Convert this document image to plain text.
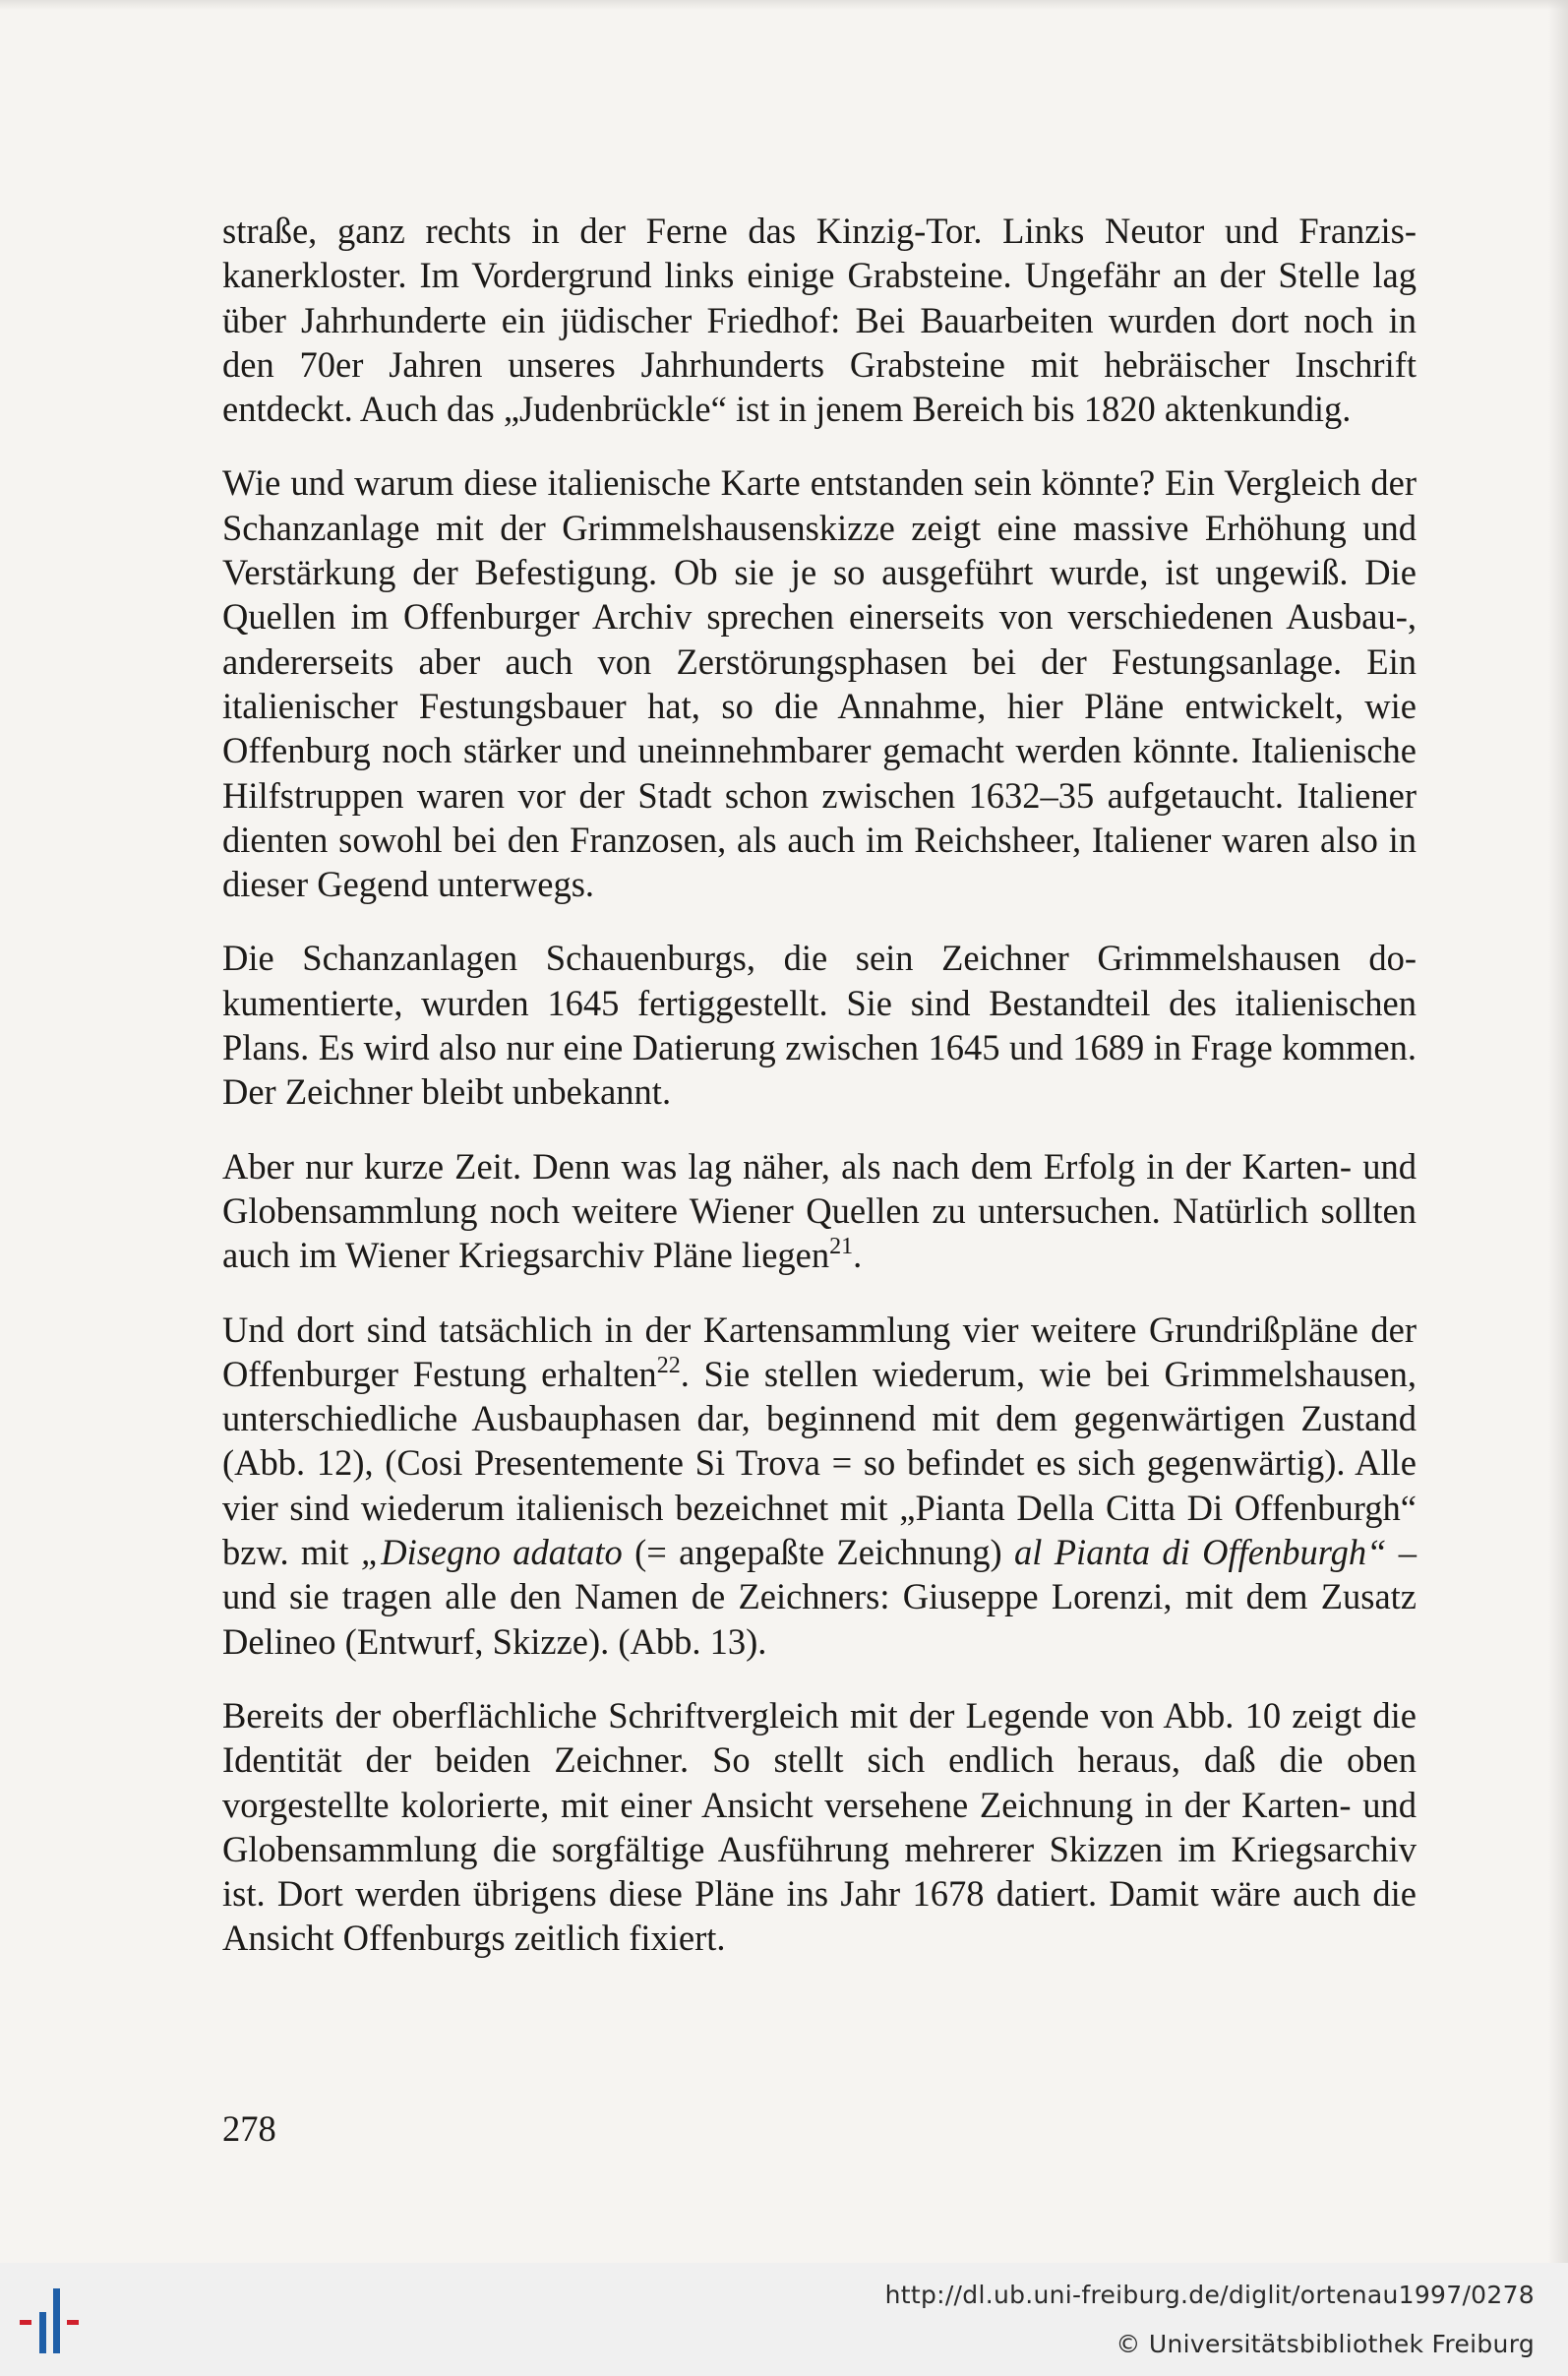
straße, ganz rechts in der Ferne das Kinzig-Tor. Links Neutor und Franziskanerkloster. Im Vordergrund links einige Grabsteine. Ungefähr an der Stelle lag über Jahrhunderte ein jüdischer Friedhof: Bei Bauarbeiten wurden dort noch in den 70er Jahren unseres Jahrhunderts Grabsteine mit hebräischer Inschrift entdeckt. Auch das „Judenbrückle“ ist in jenem Bereich bis 1820 aktenkundig.

Wie und warum diese italienische Karte entstanden sein könnte? Ein Vergleich der Schanzanlage mit der Grimmelshausenskizze zeigt eine massive Erhöhung und Verstärkung der Befestigung. Ob sie je so ausgeführt wurde, ist ungewiß. Die Quellen im Offenburger Archiv sprechen einerseits von verschiedenen Ausbau-, andererseits aber auch von Zerstörungsphasen bei der Festungsanlage. Ein italienischer Festungsbauer hat, so die Annahme, hier Pläne entwickelt, wie Offenburg noch stärker und uneinnehmbarer gemacht werden könnte. Italienische Hilfstruppen waren vor der Stadt schon zwischen 1632–35 aufgetaucht. Italiener dienten sowohl bei den Franzosen, als auch im Reichsheer, Italiener waren also in dieser Gegend unterwegs.

Die Schanzanlagen Schauenburgs, die sein Zeichner Grimmelshausen dokumentierte, wurden 1645 fertiggestellt. Sie sind Bestandteil des italienischen Plans. Es wird also nur eine Datierung zwischen 1645 und 1689 in Frage kommen. Der Zeichner bleibt unbekannt.

Aber nur kurze Zeit. Denn was lag näher, als nach dem Erfolg in der Karten- und Globensammlung noch weitere Wiener Quellen zu untersuchen. Natürlich sollten auch im Wiener Kriegsarchiv Pläne liegen$^{21}$.

Und dort sind tatsächlich in der Kartensammlung vier weitere Grundrißpläne der Offenburger Festung erhalten$^{22}$. Sie stellen wiederum, wie bei Grimmelshausen, unterschiedliche Ausbauphasen dar, beginnend mit dem gegenwärtigen Zustand (Abb. 12), (Cosi Presentemente Si Trova = so befindet es sich gegenwärtig). Alle vier sind wiederum italienisch bezeichnet mit „Pianta Della Citta Di Offenburgh“ bzw. mit „Disegno adatato (= angepaßte Zeichnung) al Pianta di Offenburgh“ – und sie tragen alle den Namen de Zeichners: Giuseppe Lorenzi, mit dem Zusatz Delineo (Entwurf, Skizze). (Abb. 13).

Bereits der oberflächliche Schriftvergleich mit der Legende von Abb. 10 zeigt die Identität der beiden Zeichner. So stellt sich endlich heraus, daß die oben vorgestellte kolorierte, mit einer Ansicht versehene Zeichnung in der Karten- und Globensammlung die sorgfältige Ausführung mehrerer Skizzen im Kriegsarchiv ist. Dort werden übrigens diese Pläne ins Jahr 1678 datiert. Damit wäre auch die Ansicht Offenburgs zeitlich fixiert.

278

http://dl.ub.uni-freiburg.de/diglit/ortenau1997/0278
© Universitätsbibliothek Freiburg
